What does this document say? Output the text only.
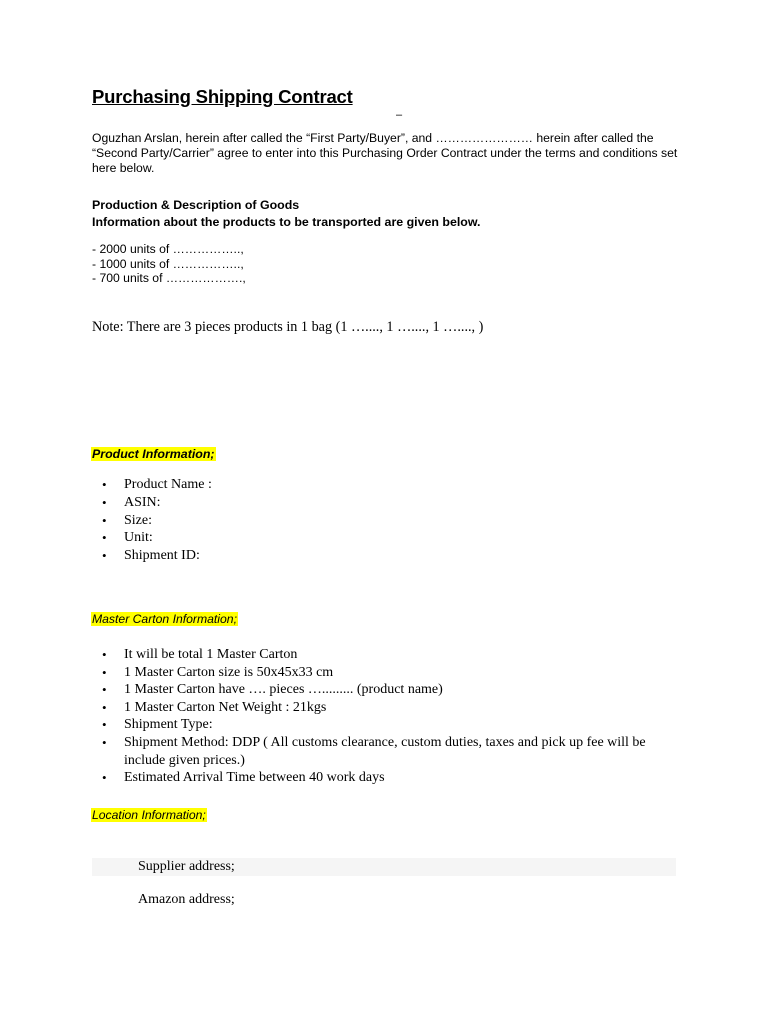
Purchasing Shipping Contract
–
Oguzhan Arslan, herein after called the “First Party/Buyer”, and …………………… herein after called the “Second Party/Carrier” agree to enter into this Purchasing Order Contract under the terms and conditions set here below.
Production & Description of Goods
Information about the products to be transported are given below.
- 2000 units of ……………..,
- 1000 units of ……………..,
- 700 units of ……………….,
Note: There are 3 pieces products in 1 bag (1 …...., 1 …...., 1 …...., )
Product Information;
• Product Name :
• ASIN:
• Size:
• Unit:
• Shipment ID:
Master Carton Information;
• It will be total 1 Master Carton
• 1 Master Carton size is 50x45x33 cm
• 1 Master Carton have …. pieces …......... (product name)
• 1 Master Carton Net Weight : 21kgs
• Shipment Type:
• Shipment Method: DDP ( All customs clearance, custom duties, taxes and pick up fee will be include given prices.)
• Estimated Arrival Time between 40 work days
Location Information;
Supplier address;
Amazon address;
